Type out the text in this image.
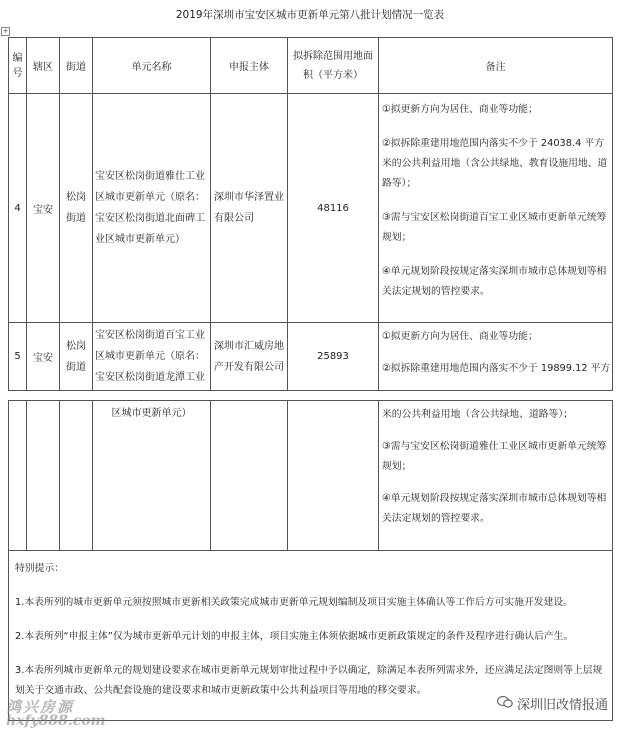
2019年深圳市宝安区城市更新单元第八批计划情况一览表
+
编号	辖区	街道	单元名称	申报主体	拟拆除范围用地面积（平方米）	备注
4	宝安	松岗街道	宝安区松岗街道雅仕工业区城市更新单元（原名：宝安区松岗街道北面碑工业区城市更新单元）	深圳市华泽置业有限公司	48116	①拟更新方向为居住、商业等功能；

②拟拆除重建用地范围内落实不少于 24038.4 平方米的公共利益用地（含公共绿地、教育设施用地、道路等）；

③需与宝安区松岗街道百宝工业区城市更新单元统筹规划；

④单元规划阶段按规定落实深圳市城市总体规划等相关法定规划的管控要求。

5	宝安	松岗街道	宝安区松岗街道百宝工业区城市更新单元（原名：宝安区松岗街道龙潭工业	深圳市汇威房地产开发有限公司	25893	①拟更新方向为居住、商业等功能；

②拟拆除重建用地范围内落实不少于 19899.12 平方

			区城市更新单元）			米的公共利益用地（含公共绿地、道路等）；

③需与宝安区松岗街道雅仕工业区城市更新单元统筹规划；

④单元规划阶段按规定落实深圳市城市总体规划等相关法定规划的管控要求。

特别提示：

1.本表所列的城市更新单元须按照城市更新相关政策完成城市更新单元规划编制及项目实施主体确认等工作后方可实施开发建设。

2.本表所列“申报主体”仅为城市更新单元计划的申报主体，项目实施主体须依据城市更新政策规定的条件及程序进行确认后产生。

3.本表所列城市更新单元的规划建设要求在城市更新单元规划审批过程中予以确定，除满足本表所列需求外，还应满足法定图则等上层规划关于交通市政、公共配套设施的建设要求和城市更新政策中公共利益项目等用地的移交要求。

鸿兴房源
hxfy888.com
深圳旧改情报通
